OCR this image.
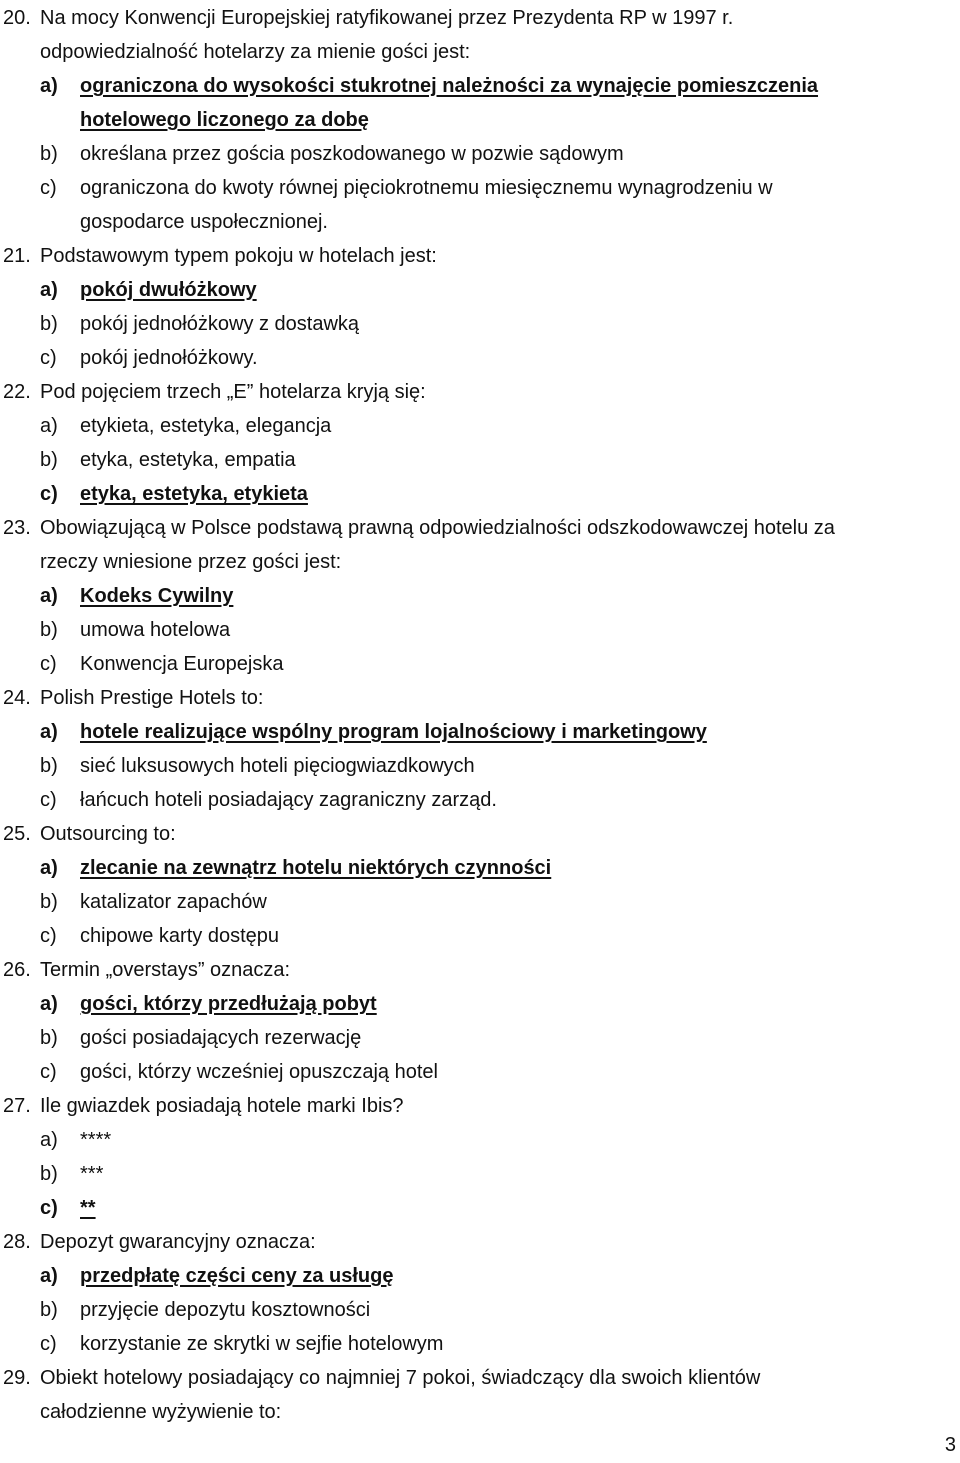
20. Na mocy Konwencji Europejskiej ratyfikowanej przez Prezydenta RP w 1997 r.
odpowiedzialność hotelarzy za mienie gości jest:
a)	ograniczona do wysokości stukrotnej należności za wynajęcie pomieszczenia
hotelowego liczonego za dobę
b)	określana przez gościa poszkodowanego w pozwie sądowym
c)	ograniczona do kwoty równej pięciokrotnemu miesięcznemu wynagrodzeniu w
gospodarce uspołecznionej.
21. Podstawowym typem pokoju w hotelach jest:
a)	pokój dwułóżkowy
b)	pokój jednołóżkowy z dostawką
c)	pokój jednołóżkowy.
22. Pod pojęciem trzech „E” hotelarza kryją się:
a)	etykieta, estetyka, elegancja
b)	etyka, estetyka, empatia
c)	etyka, estetyka, etykieta
23. Obowiązującą w Polsce podstawą prawną odpowiedzialności odszkodowawczej hotelu za
rzeczy wniesione przez gości jest:
a)	Kodeks Cywilny
b)	umowa hotelowa
c)	Konwencja Europejska
24. Polish Prestige Hotels to:
a)	hotele realizujące wspólny program lojalnościowy i marketingowy
b)	sieć luksusowych hoteli pięciogwiazdkowych
c)	łańcuch hoteli posiadający zagraniczny zarząd.
25. Outsourcing to:
a)	zlecanie na zewnątrz hotelu niektórych czynności
b)	katalizator zapachów
c)	chipowe karty dostępu
26. Termin „overstays” oznacza:
a)	gości, którzy przedłużają pobyt
b)	gości posiadających rezerwację
c)	gości, którzy wcześniej opuszczają hotel
27. Ile gwiazdek posiadają hotele marki Ibis?
a)	****
b)	***
c)	**
28. Depozyt gwarancyjny oznacza:
a)	przedpłatę części ceny za usługę
b)	przyjęcie depozytu kosztowności
c)	korzystanie ze skrytki w sejfie hotelowym
29. Obiekt hotelowy posiadający co najmniej 7 pokoi, świadczący dla swoich klientów
całodzienne wyżywienie to:
3
